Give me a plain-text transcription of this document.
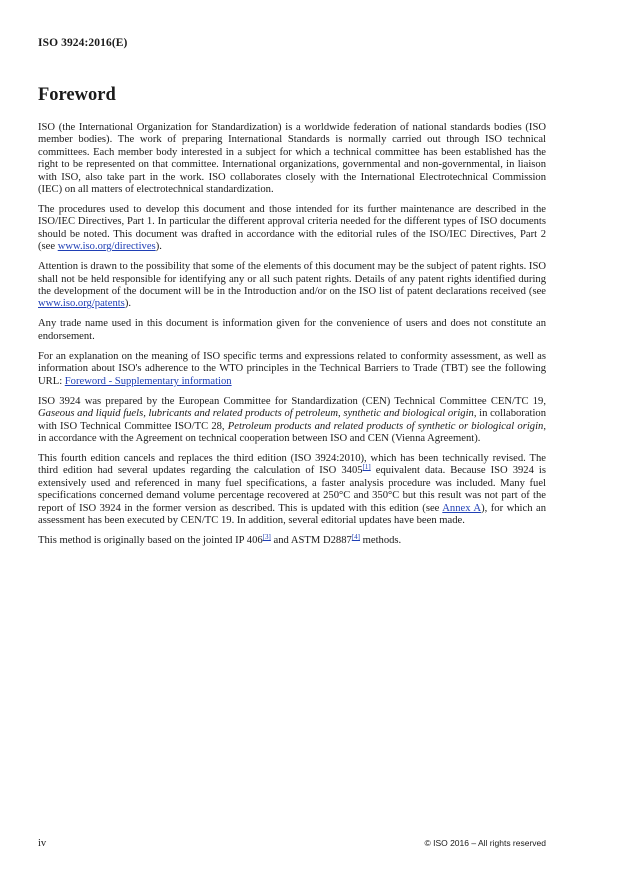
ISO 3924:2016(E)
Foreword

ISO (the International Organization for Standardization) is a worldwide federation of national standards bodies (ISO member bodies). The work of preparing International Standards is normally carried out through ISO technical committees. Each member body interested in a subject for which a technical committee has been established has the right to be represented on that committee. International organizations, governmental and non-governmental, in liaison with ISO, also take part in the work. ISO collaborates closely with the International Electrotechnical Commission (IEC) on all matters of electrotechnical standardization.

The procedures used to develop this document and those intended for its further maintenance are described in the ISO/IEC Directives, Part 1. In particular the different approval criteria needed for the different types of ISO documents should be noted. This document was drafted in accordance with the editorial rules of the ISO/IEC Directives, Part 2 (see www.iso.org/directives).

Attention is drawn to the possibility that some of the elements of this document may be the subject of patent rights. ISO shall not be held responsible for identifying any or all such patent rights. Details of any patent rights identified during the development of the document will be in the Introduction and/or on the ISO list of patent declarations received (see www.iso.org/patents).

Any trade name used in this document is information given for the convenience of users and does not constitute an endorsement.

For an explanation on the meaning of ISO specific terms and expressions related to conformity assessment, as well as information about ISO's adherence to the WTO principles in the Technical Barriers to Trade (TBT) see the following URL: Foreword - Supplementary information

ISO 3924 was prepared by the European Committee for Standardization (CEN) Technical Committee CEN/TC 19, Gaseous and liquid fuels, lubricants and related products of petroleum, synthetic and biological origin, in collaboration with ISO Technical Committee ISO/TC 28, Petroleum products and related products of synthetic or biological origin, in accordance with the Agreement on technical cooperation between ISO and CEN (Vienna Agreement).

This fourth edition cancels and replaces the third edition (ISO 3924:2010), which has been technically revised. The third edition had several updates regarding the calculation of ISO 3405[1] equivalent data. Because ISO 3924 is extensively used and referenced in many fuel specifications, a faster analysis procedure was included. Many fuel specifications concerned demand volume percentage recovered at 250°C and 350°C but this result was not part of the report of ISO 3924 in the former version as described. This is updated with this edition (see Annex A), for which an assessment has been executed by CEN/TC 19. In addition, several editorial updates have been made.

This method is originally based on the jointed IP 406[3] and ASTM D2887[4] methods.

iv	© ISO 2016 – All rights reserved
